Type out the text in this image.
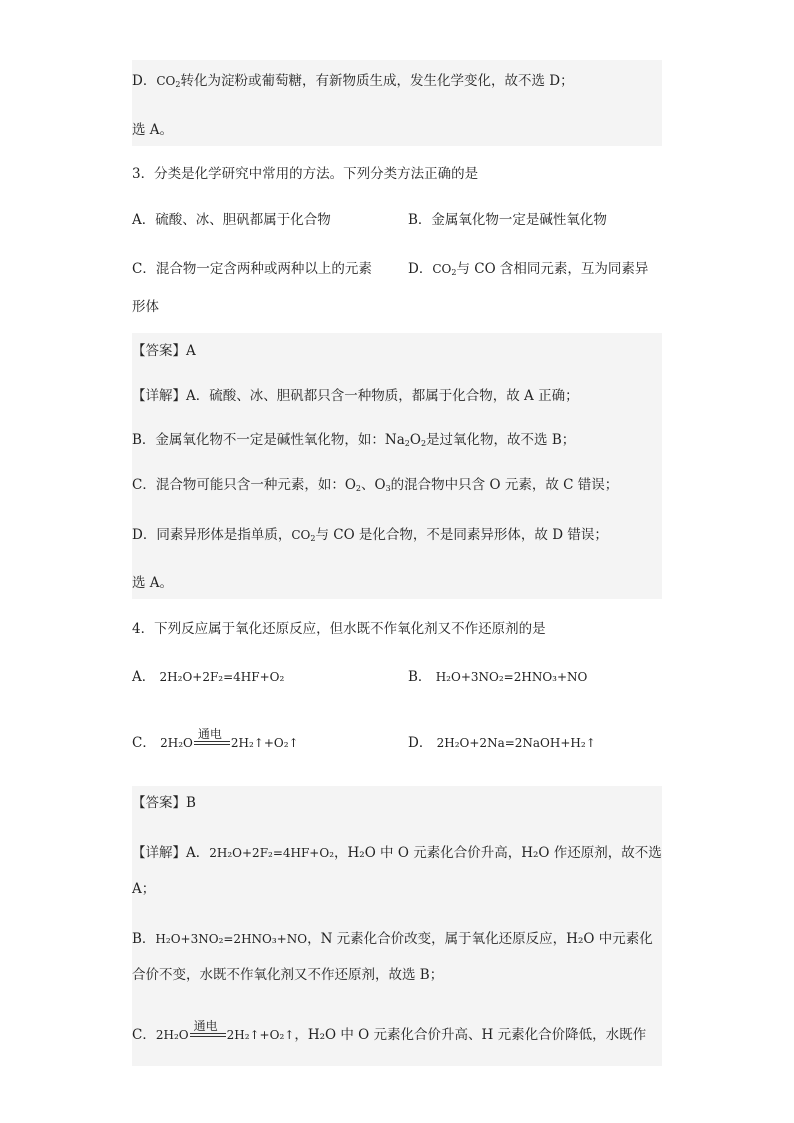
D．$CO_2$转化为淀粉或葡萄糖，有新物质生成，发生化学变化，故不选 D；
选 A。
3．分类是化学研究中常用的方法。下列分类方法正确的是
A．硫酸、冰、胆矾都属于化合物	B．金属氧化物一定是碱性氧化物
C．混合物一定含两种或两种以上的元素	D．$CO_2$与 CO 含相同元素，互为同素异
形体
【答案】A
【详解】A．硫酸、冰、胆矾都只含一种物质，都属于化合物，故 A 正确；
B．金属氧化物不一定是碱性氧化物，如：$Na_2O_2$是过氧化物，故不选 B；
C．混合物可能只含一种元素，如：$O_2$、$O_3$的混合物中只含 O 元素，故 C 错误；
D．同素异形体是指单质，$CO_2$与 CO 是化合物，不是同素异形体，故 D 错误；
选 A。
4．下列反应属于氧化还原反应，但水既不作氧化剂又不作还原剂的是
A． 2H₂O+2F₂=4HF+O₂	B． H₂O+3NO₂=2HNO₃+NO
C． 2H₂O
通电
2H₂↑+O₂↑	D． 2H₂O+2Na=2NaOH+H₂↑
【答案】B
【详解】A．2H₂O+2F₂=4HF+O₂，H₂O 中 O 元素化合价升高，H₂O 作还原剂，故不选
A；
B．H₂O+3NO₂=2HNO₃+NO，N 元素化合价改变，属于氧化还原反应，H₂O 中元素化
合价不变，水既不作氧化剂又不作还原剂，故选 B；
C．2H₂O
通电
2H₂↑+O₂↑，H₂O 中 O 元素化合价升高、H 元素化合价降低，水既作
